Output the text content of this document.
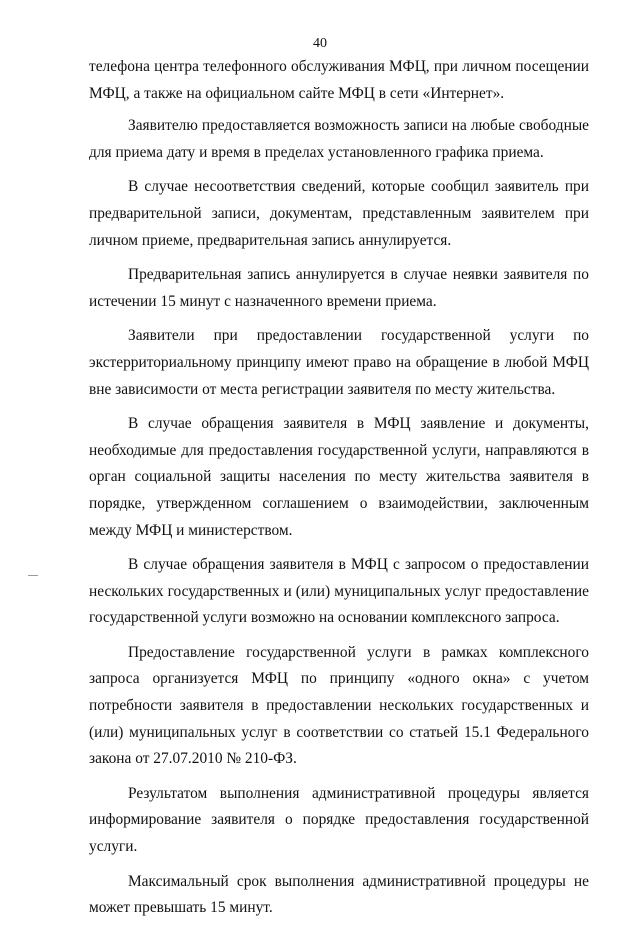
40

телефона центра телефонного обслуживания МФЦ, при личном посещении МФЦ, а также на официальном сайте МФЦ в сети «Интернет».

Заявителю предоставляется возможность записи на любые свободные для приема дату и время в пределах установленного графика приема.

В случае несоответствия сведений, которые сообщил заявитель при предварительной записи, документам, представленным заявителем при личном приеме, предварительная запись аннулируется.

Предварительная запись аннулируется в случае неявки заявителя по истечении 15 минут с назначенного времени приема.

Заявители при предоставлении государственной услуги по экстерриториальному принципу имеют право на обращение в любой МФЦ вне зависимости от места регистрации заявителя по месту жительства.

В случае обращения заявителя в МФЦ заявление и документы, необходимые для предоставления государственной услуги, направляются в орган социальной защиты населения по месту жительства заявителя в порядке, утвержденном соглашением о взаимодействии, заключенным между МФЦ и министерством.

В случае обращения заявителя в МФЦ с запросом о предоставлении нескольких государственных и (или) муниципальных услуг предоставление государственной услуги возможно на основании комплексного запроса.

Предоставление государственной услуги в рамках комплексного запроса организуется МФЦ по принципу «одного окна» с учетом потребности заявителя в предоставлении нескольких государственных и (или) муниципальных услуг в соответствии со статьей 15.1 Федерального закона от 27.07.2010 № 210-ФЗ.

Результатом выполнения административной процедуры является информирование заявителя о порядке предоставления государственной услуги.

Максимальный срок выполнения административной процедуры не может превышать 15 минут.
